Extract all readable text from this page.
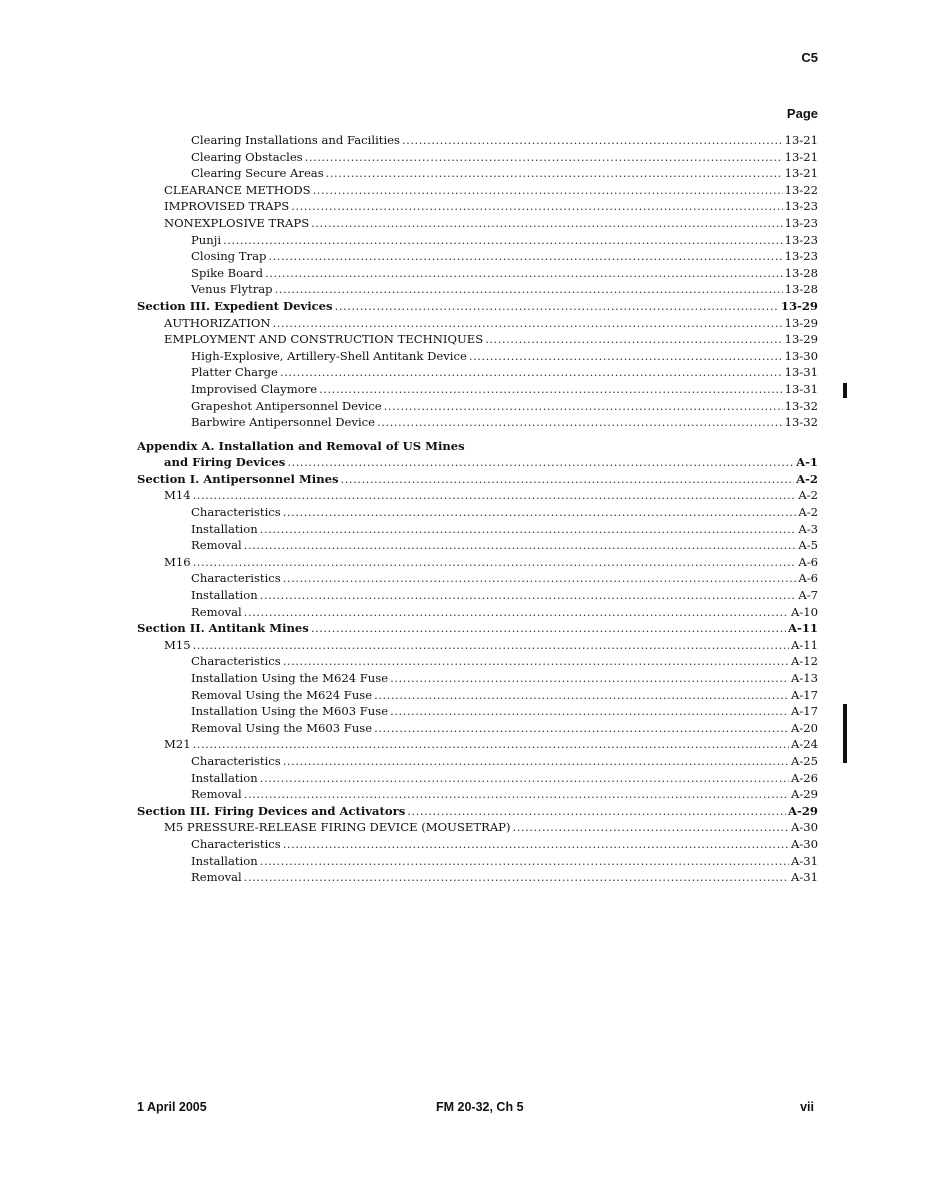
C5
Page
Clearing Installations and Facilities .....	13-21
Clearing Obstacles .....	13-21
Clearing Secure Areas .....	13-21
CLEARANCE METHODS .....	13-22
IMPROVISED TRAPS .....	13-23
NONEXPLOSIVE TRAPS .....	13-23
Punji .....	13-23
Closing Trap .....	13-23
Spike Board .....	13-28
Venus Flytrap .....	13-28
Section III. Expedient Devices .....	13-29
AUTHORIZATION .....	13-29
EMPLOYMENT AND CONSTRUCTION TECHNIQUES .....	13-29
High-Explosive, Artillery-Shell Antitank Device .....	13-30
Platter Charge .....	13-31
Improvised Claymore .....	13-31
Grapeshot Antipersonnel Device .....	13-32
Barbwire Antipersonnel Device .....	13-32
Appendix A. Installation and Removal of US Mines
and Firing Devices .....	A-1
Section I. Antipersonnel Mines .....	A-2
M14 .....	A-2
Characteristics .....	A-2
Installation .....	A-3
Removal .....	A-5
M16 .....	A-6
Characteristics .....	A-6
Installation .....	A-7
Removal .....	A-10
Section II. Antitank Mines .....	A-11
M15 .....	A-11
Characteristics .....	A-12
Installation Using the M624 Fuse .....	A-13
Removal Using the M624 Fuse .....	A-17
Installation Using the M603 Fuse .....	A-17
Removal Using the M603 Fuse .....	A-20
M21 .....	A-24
Characteristics .....	A-25
Installation .....	A-26
Removal .....	A-29
Section III. Firing Devices and Activators .....	A-29
M5 PRESSURE-RELEASE FIRING DEVICE (MOUSETRAP) .....	A-30
Characteristics .....	A-30
Installation .....	A-31
Removal .....	A-31
1 April 2005	FM 20-32, Ch 5	vii
